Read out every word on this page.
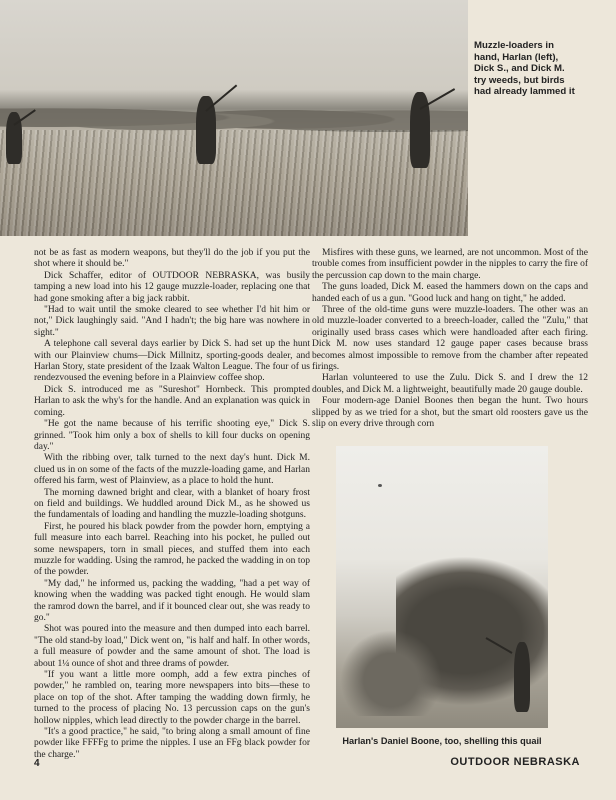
Muzzle-loaders in
hand, Harlan (left),
Dick S., and Dick M.
try weeds, but birds
had already lammed it

not be as fast as modern weapons, but they'll do the job if you put the shot where it should be."

Dick Schaffer, editor of OUTDOOR NEBRASKA, was busily tamping a new load into his 12 gauge muzzle-loader, replacing one that had gone smoking after a big jack rabbit.

"Had to wait until the smoke cleared to see whether I'd hit him or not," Dick laughingly said. "And I hadn't; the big hare was nowhere in sight."

A telephone call several days earlier by Dick S. had set up the hunt with our Plainview chums—Dick Millnitz, sporting-goods dealer, and Harlan Story, state president of the Izaak Walton League. The four of us rendezvoused the evening before in a Plainview coffee shop.

Dick S. introduced me as "Sureshot" Hornbeck. This prompted Harlan to ask the why's for the handle. And an explanation was quick in coming.

"He got the name because of his terrific shooting eye," Dick S. grinned. "Took him only a box of shells to kill four ducks on opening day."

With the ribbing over, talk turned to the next day's hunt. Dick M. clued us in on some of the facts of the muzzle-loading game, and Harlan offered his farm, west of Plainview, as a place to hold the hunt.

The morning dawned bright and clear, with a blanket of hoary frost on field and buildings. We huddled around Dick M., as he showed us the fundamentals of loading and handling the muzzle-loading shotguns.

First, he poured his black powder from the powder horn, emptying a full measure into each barrel. Reaching into his pocket, he pulled out some newspapers, torn in small pieces, and stuffed them into each muzzle for wadding. Using the ramrod, he packed the wadding in on top of the powder.

"My dad," he informed us, packing the wadding, "had a pet way of knowing when the wadding was packed tight enough. He would slam the ramrod down the barrel, and if it bounced clear out, she was ready to go."

Shot was poured into the measure and then dumped into each barrel. "The old stand-by load," Dick went on, "is half and half. In other words, a full measure of powder and the same amount of shot. The load is about 1¼ ounce of shot and three drams of powder.

"If you want a little more oomph, add a few extra pinches of powder," he rambled on, tearing more newspapers into bits—these to place on top of the shot. After tamping the wadding down firmly, he turned to the process of placing No. 13 percussion caps on the gun's hollow nipples, which lead directly to the powder charge in the barrel.

"It's a good practice," he said, "to bring along a small amount of fine powder like FFFFg to prime the nipples. I use an FFg black powder for the charge."

Misfires with these guns, we learned, are not uncommon. Most of the trouble comes from insufficient powder in the nipples to carry the fire of the percussion cap down to the main charge.

The guns loaded, Dick M. eased the hammers down on the caps and handed each of us a gun. "Good luck and hang on tight," he added.

Three of the old-time guns were muzzle-loaders. The other was an old muzzle-loader converted to a breech-loader, called the "Zulu," that originally used brass cases which were handloaded after each firing. Dick M. now uses standard 12 gauge paper cases because brass becomes almost impossible to remove from the chamber after repeated firings.

Harlan volunteered to use the Zulu. Dick S. and I drew the 12 doubles, and Dick M. a lightweight, beautifully made 20 gauge double.

Four modern-age Daniel Boones then began the hunt. Two hours slipped by as we tried for a shot, but the smart old roosters gave us the slip on every drive through corn

Harlan's Daniel Boone, too, shelling this quail
4	OUTDOOR NEBRASKA
